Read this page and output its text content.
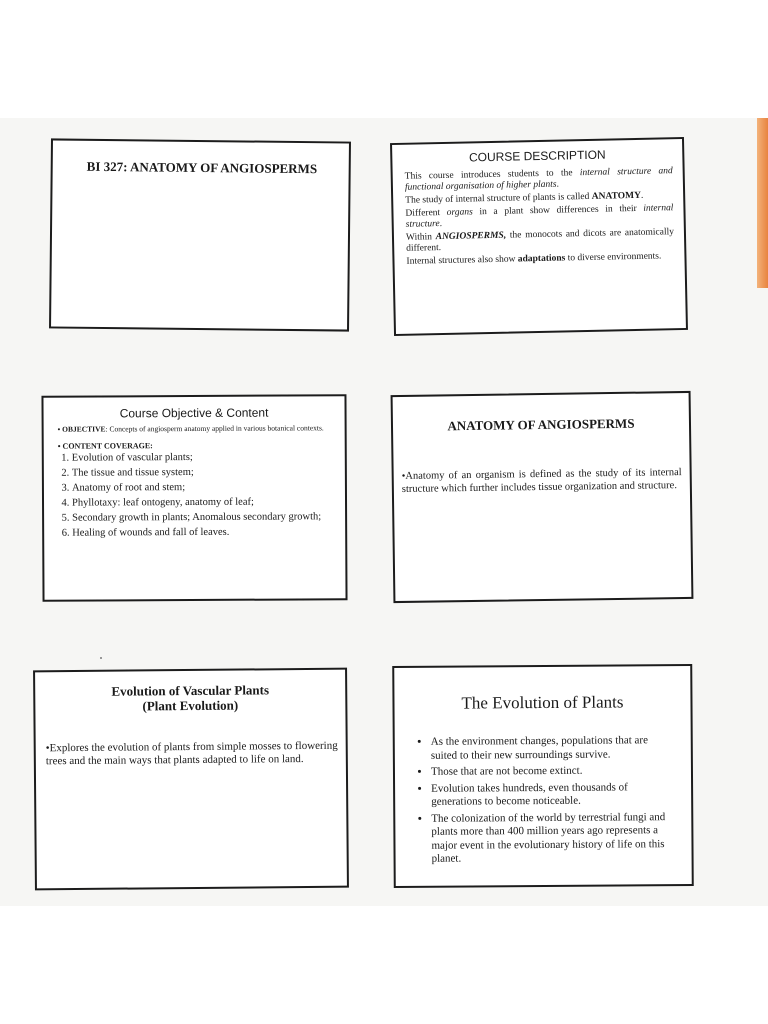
BI 327: ANATOMY OF ANGIOSPERMS
COURSE DESCRIPTION

This course introduces students to the internal structure and functional organisation of higher plants.

The study of internal structure of plants is called ANATOMY.

Different organs in a plant show differences in their internal structure.

Within ANGIOSPERMS, the monocots and dicots are anatomically different.

Internal structures also show adaptations to diverse environments.

Course Objective & Content
• OBJECTIVE: Concepts of angiosperm anatomy applied in various botanical contexts.
• CONTENT COVERAGE:
1. Evolution of vascular plants;
2. The tissue and tissue system;
3. Anatomy of root and stem;
4. Phyllotaxy: leaf ontogeny, anatomy of leaf;
5. Secondary growth in plants; Anomalous secondary growth;
6. Healing of wounds and fall of leaves.
ANATOMY OF ANGIOSPERMS
•Anatomy of an organism is defined as the study of its internal structure which further includes tissue organization and structure.
Evolution of Vascular Plants
(Plant Evolution)
•Explores the evolution of plants from simple mosses to flowering trees and the main ways that plants adapted to life on land.
The Evolution of Plants
• As the environment changes, populations that are suited to their new surroundings survive.
• Those that are not become extinct.
• Evolution takes hundreds, even thousands of generations to become noticeable.
• The colonization of the world by terrestrial fungi and plants more than 400 million years ago represents a major event in the evolutionary history of life on this planet.
